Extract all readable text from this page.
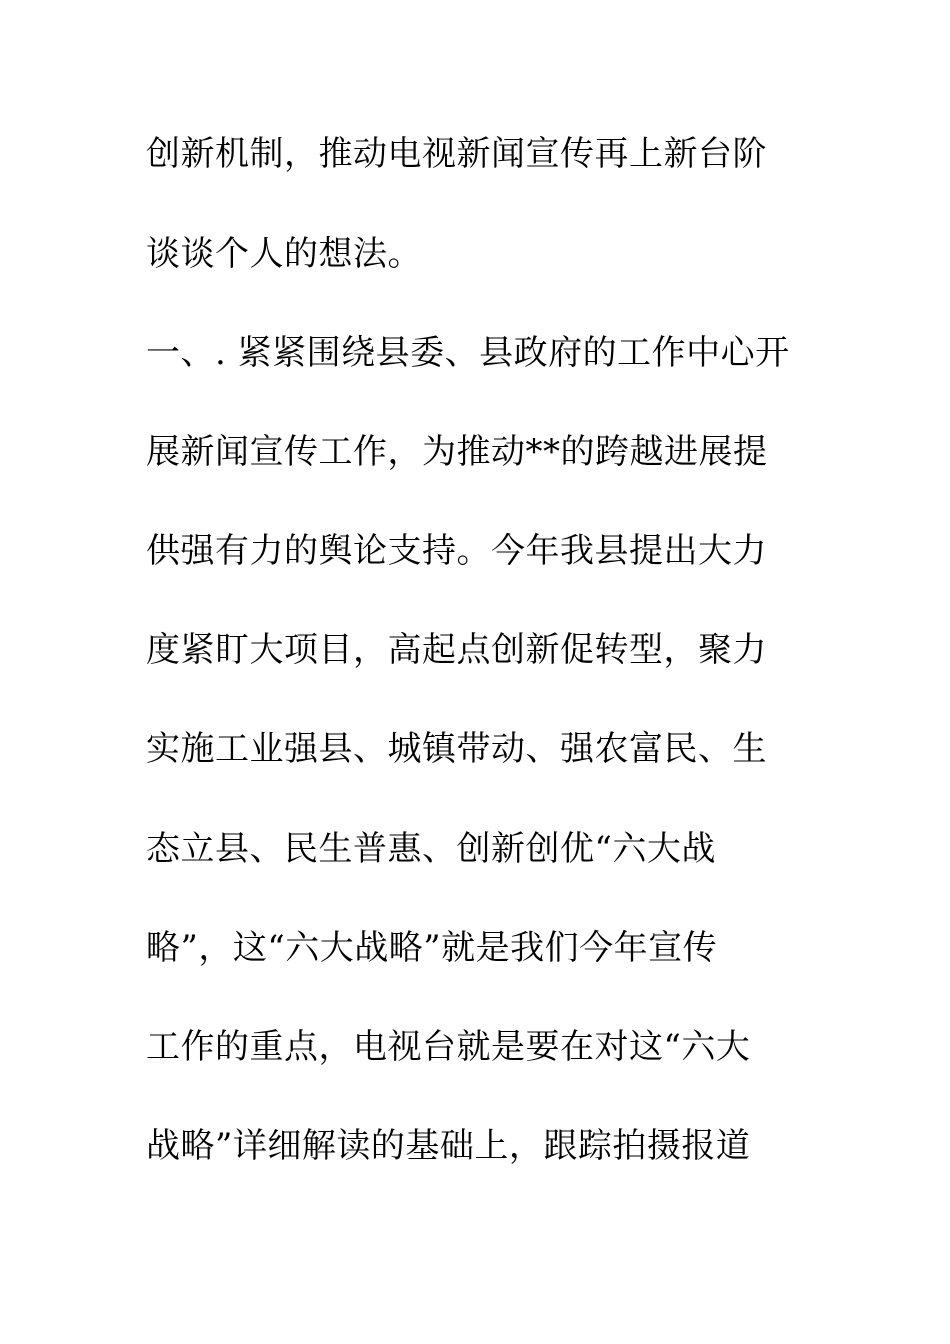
创新机制，推动电视新闻宣传再上新台阶
谈谈个人的想法。
一、. 紧紧围绕县委、县政府的工作中心开
展新闻宣传工作，为推动**的跨越进展提
供强有力的舆论支持。今年我县提出大力
度紧盯大项目，高起点创新促转型，聚力
实施工业强县、城镇带动、强农富民、生
态立县、民生普惠、创新创优“六大战
略”，这“六大战略”就是我们今年宣传
工作的重点，电视台就是要在对这“六大
战略”详细解读的基础上，跟踪拍摄报道
